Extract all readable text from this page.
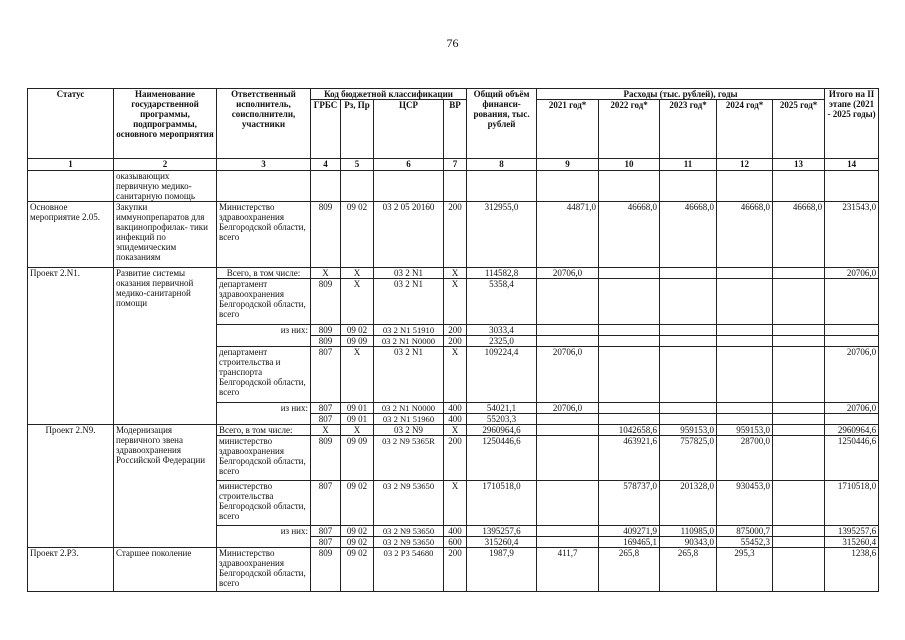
76
Статус	Наименование государственной программы, подпрограммы, основного мероприятия	Ответственный исполнитель, соисполнители, участники	Код бюджетной классификации				Общий объём финанси- рования, тыс. рублей	Расходы (тыс. рублей), годы					Итого на II этапе (2021 - 2025 годы)
			ГРБС	Рз, Пр	ЦСР	ВР		2021 год*	2022 год*	2023 год*	2024 год*	2025 год*	
1	2	3	4	5	6	7	8	9	10	11	12	13	14
	оказывающих первичную медико- санитарную помощь												
Основное мероприятие 2.05.	Закупки иммунопрепаратов для вакцинопрофилак- тики инфекций по эпидемическим показаниям	Министерство здравоохранения Белгородской области, всего	809	09 02	03 2 05 20160	200	312955,0	44871,0	46668,0	46668,0	46668,0	46668,0	231543,0
Проект 2.N1.	Развитие системы оказания первичной медико-санитарной помощи	Всего, в том числе:	X	X	03 2 N1	X	114582,8	20706,0					20706,0
		департамент здравоохранения Белгородской области, всего	809	X	03 2 N1	X	5358,4						
		из них:	809	09 02	03 2 N1 51910	200	3033,4						
			809	09 09	03 2 N1 N0000	200	2325,0						
		департамент строительства и транспорта Белгородской области, всего	807	X	03 2 N1	X	109224,4	20706,0					20706,0
		из них:	807	09 01	03 2 N1 N0000	400	54021,1	20706,0					20706,0
			807	09 01	03 2 N1 51960	400	55203,3						
Проект 2.N9.	Модернизация первичного звена здравоохранения Российской Федерации	Всего, в том числе:	X	X	03 2 N9	X	2960964,6		1042658,6	959153,0	959153,0		2960964,6
		министерство здравоохранения Белгородской области, всего	809	09 09	03 2 N9 5365R	200	1250446,6		463921,6	757825,0	28700,0		1250446,6
		министерство строительства Белгородской области, всего	807	09 02	03 2 N9 53650	X	1710518,0		578737,0	201328,0	930453,0		1710518,0
		из них:	807	09 02	03 2 N9 53650	400	1395257,6		409271,9	110985,0	875000,7		1395257,6
			807	09 02	03 2 N9 53650	600	315260,4		169465,1	90343,0	55452,3		315260,4
Проект 2.P3.	Старшее поколение	Министерство здравоохранения Белгородской области, всего	809	09 02	03 2 P3 54680	200	1987,9	411,7	265,8	265,8	295,3		1238,6
